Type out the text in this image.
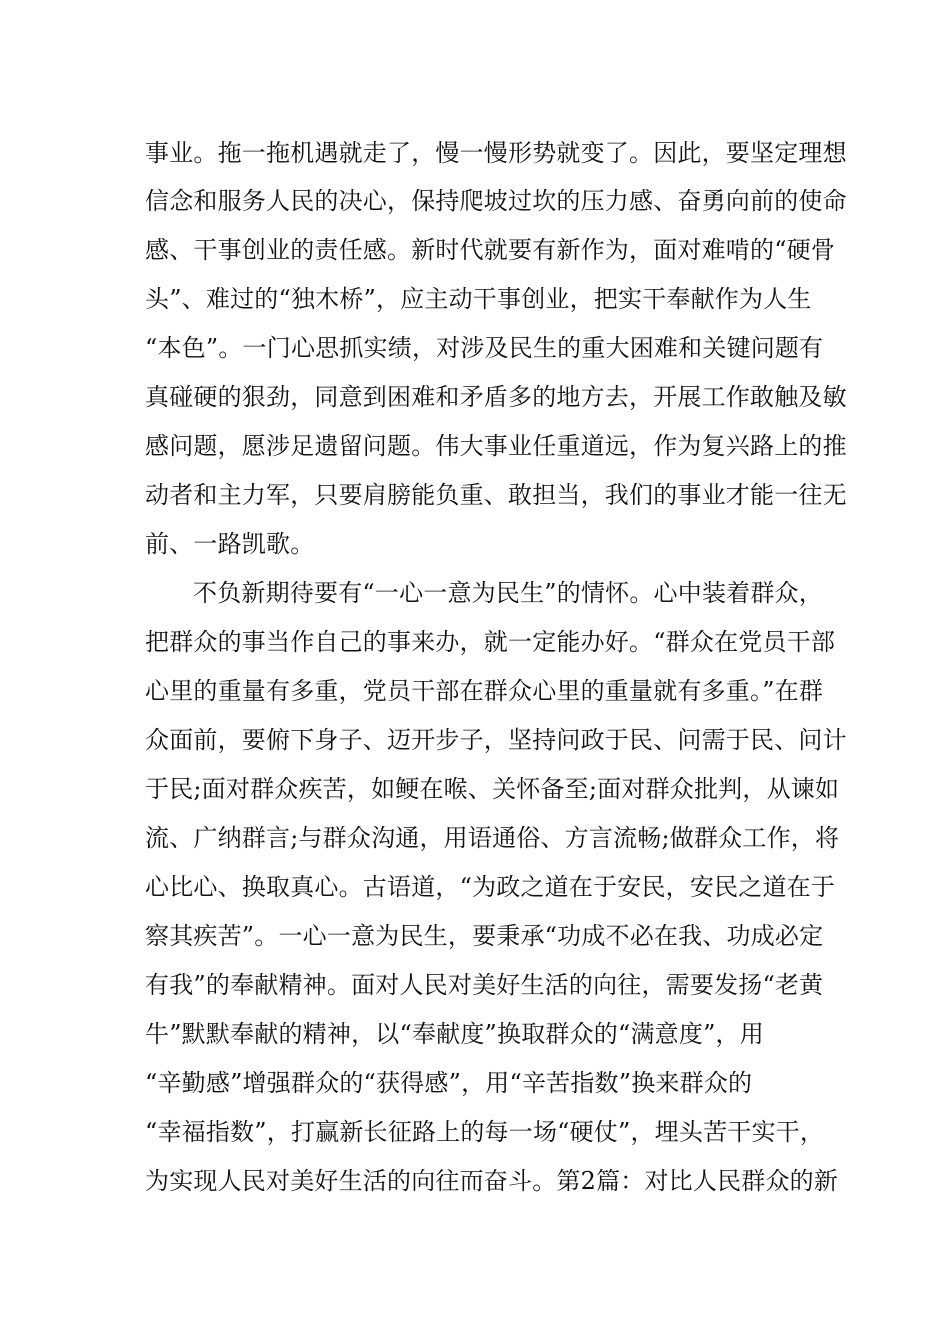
事业。拖一拖机遇就走了，慢一慢形势就变了。因此，要坚定理想
信念和服务人民的决心，保持爬坡过坎的压力感、奋勇向前的使命
感、干事创业的责任感。新时代就要有新作为，面对难啃的“硬骨
头”、难过的“独木桥”，应主动干事创业，把实干奉献作为人生
“本色”。一门心思抓实绩，对涉及民生的重大困难和关键问题有
真碰硬的狠劲，同意到困难和矛盾多的地方去，开展工作敢触及敏
感问题，愿涉足遗留问题。伟大事业任重道远，作为复兴路上的推
动者和主力军，只要肩膀能负重、敢担当，我们的事业才能一往无
前、一路凯歌。
不负新期待要有“一心一意为民生”的情怀。心中装着群众，
把群众的事当作自己的事来办，就一定能办好。“群众在党员干部
心里的重量有多重，党员干部在群众心里的重量就有多重。”在群
众面前，要俯下身子、迈开步子，坚持问政于民、问需于民、问计
于民;面对群众疾苦，如鲠在喉、关怀备至;面对群众批判，从谏如
流、广纳群言;与群众沟通，用语通俗、方言流畅;做群众工作，将
心比心、换取真心。古语道，“为政之道在于安民，安民之道在于
察其疾苦”。一心一意为民生，要秉承“功成不必在我、功成必定
有我”的奉献精神。面对人民对美好生活的向往，需要发扬“老黄
牛”默默奉献的精神，以“奉献度”换取群众的“满意度”，用
“辛勤感”增强群众的“获得感”，用“辛苦指数”换来群众的
“幸福指数”，打赢新长征路上的每一场“硬仗”，埋头苦干实干，
为实现人民对美好生活的向往而奋斗。第2篇：对比人民群众的新
